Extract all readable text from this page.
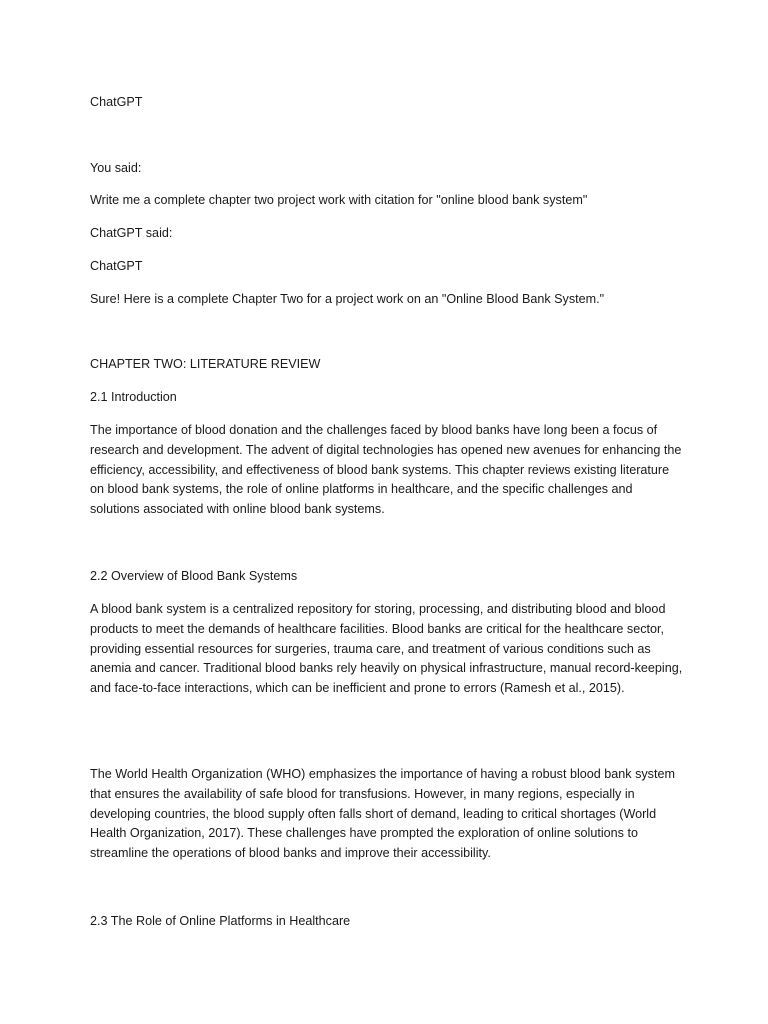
ChatGPT
You said:
Write me a complete chapter two project work with citation for "online blood bank system"
ChatGPT said:
ChatGPT
Sure! Here is a complete Chapter Two for a project work on an "Online Blood Bank System."
CHAPTER TWO: LITERATURE REVIEW
2.1 Introduction
The importance of blood donation and the challenges faced by blood banks have long been a focus of research and development. The advent of digital technologies has opened new avenues for enhancing the efficiency, accessibility, and effectiveness of blood bank systems. This chapter reviews existing literature on blood bank systems, the role of online platforms in healthcare, and the specific challenges and solutions associated with online blood bank systems.
2.2 Overview of Blood Bank Systems
A blood bank system is a centralized repository for storing, processing, and distributing blood and blood products to meet the demands of healthcare facilities. Blood banks are critical for the healthcare sector, providing essential resources for surgeries, trauma care, and treatment of various conditions such as anemia and cancer. Traditional blood banks rely heavily on physical infrastructure, manual record-keeping, and face-to-face interactions, which can be inefficient and prone to errors (Ramesh et al., 2015).
The World Health Organization (WHO) emphasizes the importance of having a robust blood bank system that ensures the availability of safe blood for transfusions. However, in many regions, especially in developing countries, the blood supply often falls short of demand, leading to critical shortages (World Health Organization, 2017). These challenges have prompted the exploration of online solutions to streamline the operations of blood banks and improve their accessibility.
2.3 The Role of Online Platforms in Healthcare
